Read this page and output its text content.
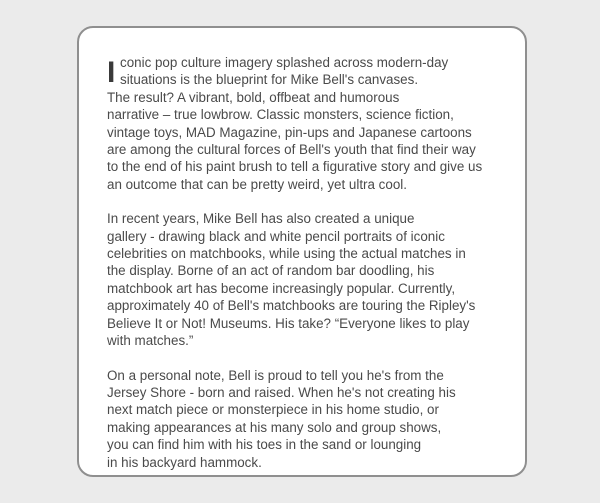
I conic pop culture imagery splashed across modern-day
situations is the blueprint for Mike Bell's canvases.
The result? A vibrant, bold, offbeat and humorous
narrative – true lowbrow. Classic monsters, science fiction,
vintage toys, MAD Magazine, pin-ups and Japanese cartoons
are among the cultural forces of Bell's youth that find their way
to the end of his paint brush to tell a figurative story and give us
an outcome that can be pretty weird, yet ultra cool.
In recent years, Mike Bell has also created a unique
gallery - drawing black and white pencil portraits of iconic
celebrities on matchbooks, while using the actual matches in
the display. Borne of an act of random bar doodling, his
matchbook art has become increasingly popular. Currently,
approximately 40 of Bell's matchbooks are touring the Ripley's
Believe It or Not! Museums. His take? “Everyone likes to play
with matches.”
On a personal note, Bell is proud to tell you he's from the
Jersey Shore - born and raised. When he's not creating his
next match piece or monsterpiece in his home studio, or
making appearances at his many solo and group shows,
you can find him with his toes in the sand or lounging
in his backyard hammock.
